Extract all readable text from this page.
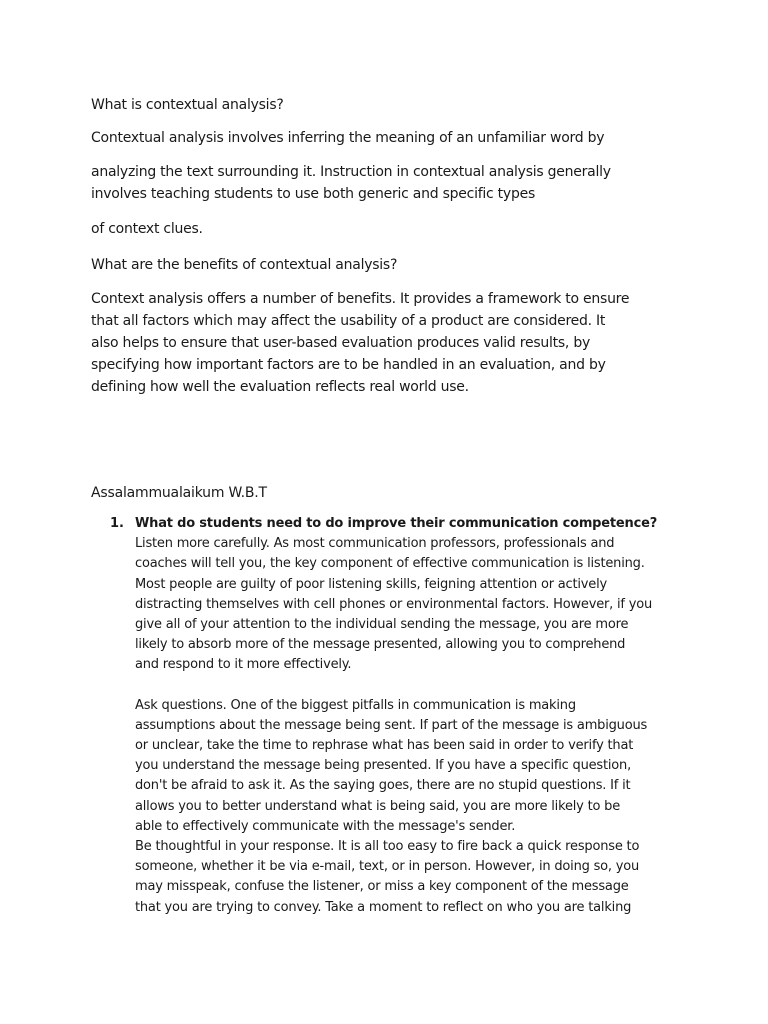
What is contextual analysis?

Contextual analysis involves inferring the meaning of an unfamiliar word by

analyzing the text surrounding it. Instruction in contextual analysis generally

involves teaching students to use both generic and specific types

of context clues.

What are the benefits of contextual analysis?

Context analysis offers a number of benefits. It provides a framework to ensure

that all factors which may affect the usability of a product are considered. It

also helps to ensure that user-based evaluation produces valid results, by

specifying how important factors are to be handled in an evaluation, and by

defining how well the evaluation reflects real world use.

Assalammualaikum W.B.T

1. What do students need to do improve their communication competence?
Listen more carefully. As most communication professors, professionals and
coaches will tell you, the key component of effective communication is listening.
Most people are guilty of poor listening skills, feigning attention or actively
distracting themselves with cell phones or environmental factors. However, if you
give all of your attention to the individual sending the message, you are more
likely to absorb more of the message presented, allowing you to comprehend
and respond to it more effectively.
Ask questions. One of the biggest pitfalls in communication is making
assumptions about the message being sent. If part of the message is ambiguous
or unclear, take the time to rephrase what has been said in order to verify that
you understand the message being presented. If you have a specific question,
don't be afraid to ask it. As the saying goes, there are no stupid questions. If it
allows you to better understand what is being said, you are more likely to be
able to effectively communicate with the message's sender.
Be thoughtful in your response. It is all too easy to fire back a quick response to
someone, whether it be via e-mail, text, or in person. However, in doing so, you
may misspeak, confuse the listener, or miss a key component of the message
that you are trying to convey. Take a moment to reflect on who you are talking
